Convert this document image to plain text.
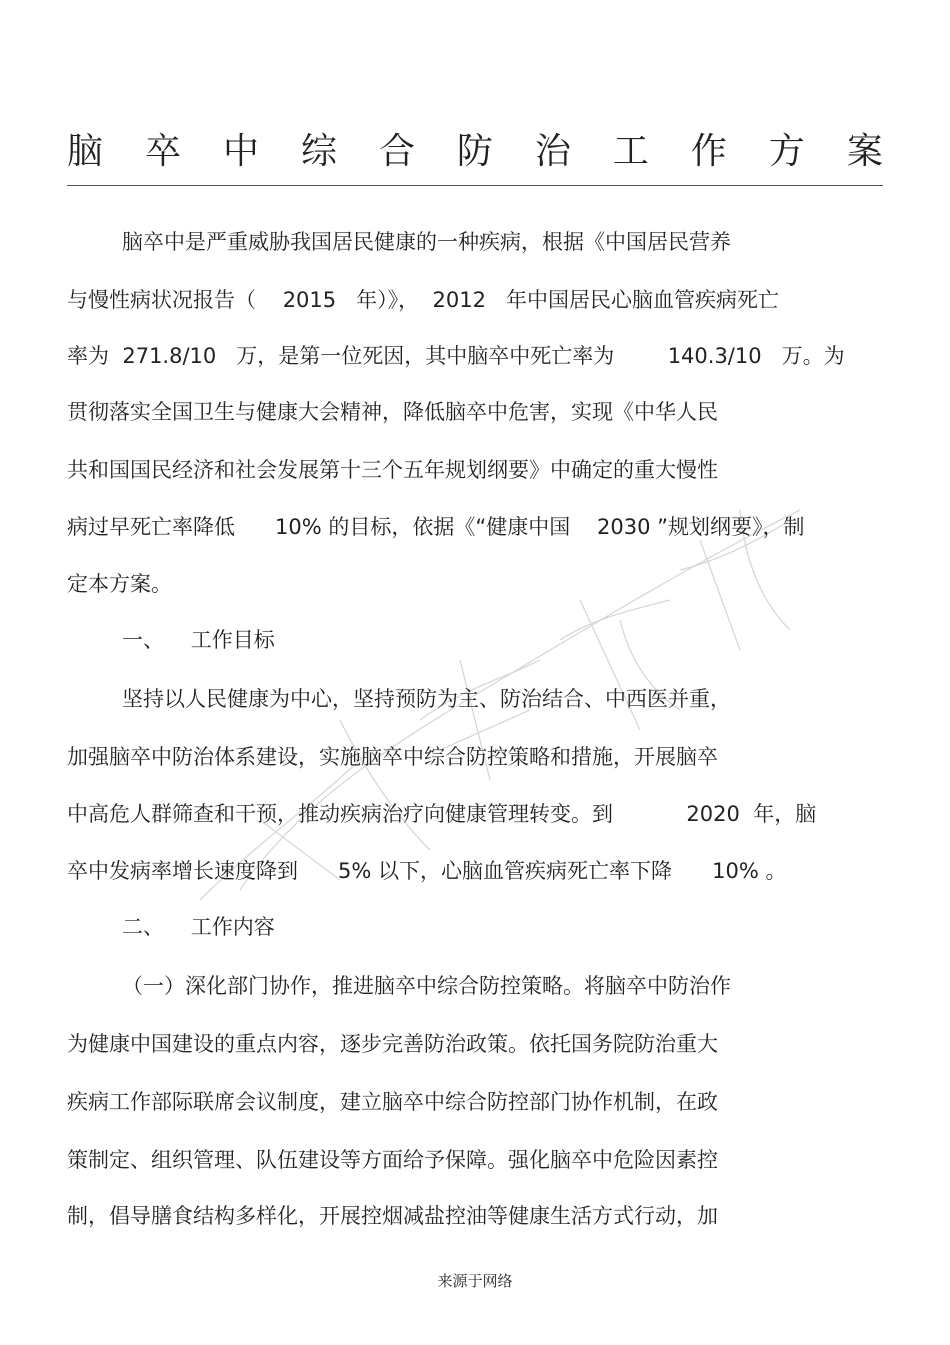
脑 卒 中 综 合 防 治 工 作 方 案
脑卒中是严重威胁我国居民健康的一种疾病，根据《中国居民营养
与慢性病状况报告（    2015   年）》，  2012   年中国居民心脑血管疾病死亡
率为  271.8/10   万，是第一位死因，其中脑卒中死亡率为        140.3/10   万。为
贯彻落实全国卫生与健康大会精神，降低脑卒中危害，实现《中华人民
共和国国民经济和社会发展第十三个五年规划纲要》中确定的重大慢性
病过早死亡率降低      10% 的目标，依据《“健康中国    2030 ”规划纲要》，制
定本方案。
一、    工作目标
坚持以人民健康为中心，坚持预防为主、防治结合、中西医并重，
加强脑卒中防治体系建设，实施脑卒中综合防控策略和措施，开展脑卒
中高危人群筛查和干预，推动疾病治疗向健康管理转变。到           2020  年，脑
卒中发病率增长速度降到      5% 以下，心脑血管疾病死亡率下降      10% 。
二、    工作内容
（一）深化部门协作，推进脑卒中综合防控策略。将脑卒中防治作
为健康中国建设的重点内容，逐步完善防治政策。依托国务院防治重大
疾病工作部际联席会议制度，建立脑卒中综合防控部门协作机制，在政
策制定、组织管理、队伍建设等方面给予保障。强化脑卒中危险因素控
制，倡导膳食结构多样化，开展控烟减盐控油等健康生活方式行动，加
来源于网络
